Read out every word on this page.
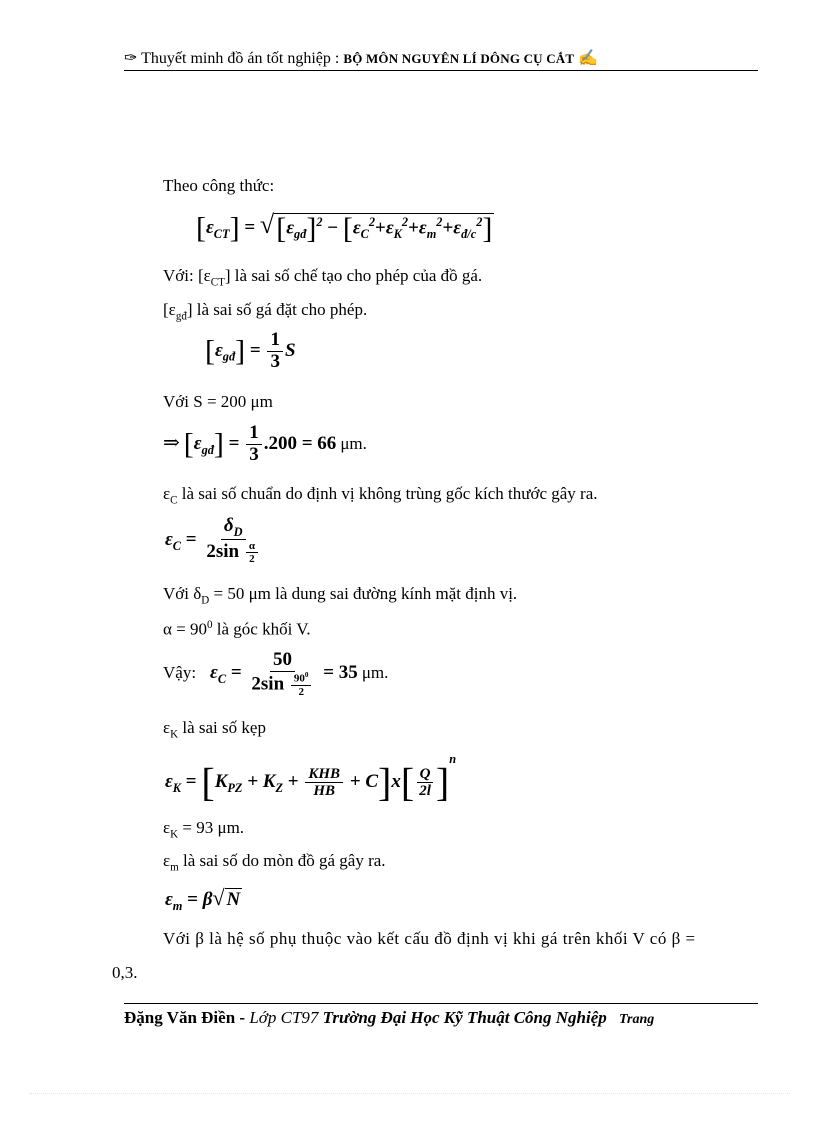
✑ Thuyết minh đồ án tốt nghiệp : BỘ MÔN NGUYÊN LÍ DÔNG CỤ CẮT ✍
Theo công thức:
$[\varepsilon_{CT}] = √[\varepsilon_{gđ}]^2 - [\varepsilon_C^2+\varepsilon_K^2+\varepsilon_m^2+\varepsilon_{đ/c}^2]$
Với: $[\varepsilon_{CT}]$ là sai số chế tạo cho phép của đồ gá.
$[\varepsilon_{gđ}]$ là sai số gá đặt cho phép.
$[\varepsilon_{gđ}] = \frac{1}{3}$ S
Với S = 200 μm
⇒ $[\varepsilon_{gđ}] = \frac{1}{3} .200 = 66$ μm.
$\varepsilon_C$ là sai số chuẩn do định vị không trùng gốc kích thước gây ra.
$\varepsilon_C = \frac{\delta_D}{2\sin \frac{\alpha}{2}}$
Với $\delta_D = 50$ μm là dung sai đường kính mặt định vị.
$\alpha = 90^0$ là góc khối V.
Vậy: $\varepsilon_C = \frac{50}{2\sin \frac{90^0}{2}} = 35$ μm.
$\varepsilon_K$ là sai số kẹp
$\varepsilon_K = [K_{PZ} + K_Z + \frac{\text{KHB}}{HB} + C]x[ \frac{Q}{2l} ]^n$
$\varepsilon_K = 93$ μm.
$\varepsilon_m$ là sai số do mòn đồ gá gây ra.
$\varepsilon_m = \beta√$ N
Với β là hệ số phụ thuộc vào kết cấu đồ định vị khi gá trên khối V có β =
0,3.
Đặng Văn Điền - Lớp CT97 Trường Đại Học Kỹ Thuật Công Nghiệp Trang
